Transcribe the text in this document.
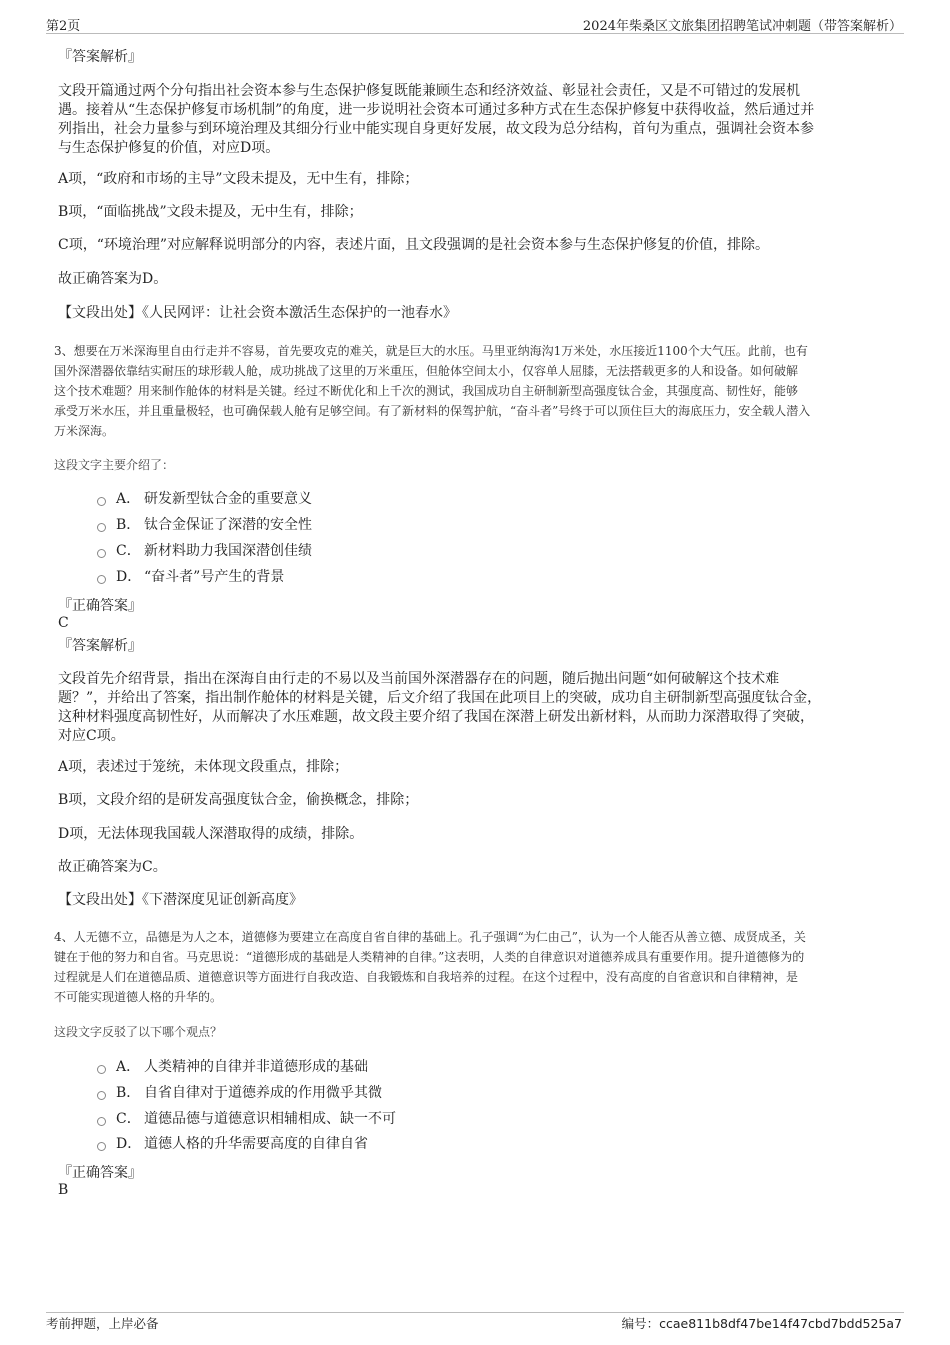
第2页	2024年柴桑区文旅集团招聘笔试冲刺题（带答案解析）
『答案解析』
文段开篇通过两个分句指出社会资本参与生态保护修复既能兼顾生态和经济效益、彰显社会责任，又是不可错过的发展机
遇。接着从“生态保护修复市场机制”的角度，进一步说明社会资本可通过多种方式在生态保护修复中获得收益，然后通过并
列指出，社会力量参与到环境治理及其细分行业中能实现自身更好发展，故文段为总分结构，首句为重点，强调社会资本参
与生态保护修复的价值，对应D项。
A项，“政府和市场的主导”文段未提及，无中生有，排除；
B项，“面临挑战”文段未提及，无中生有，排除；
C项，“环境治理”对应解释说明部分的内容，表述片面，且文段强调的是社会资本参与生态保护修复的价值，排除。
故正确答案为D。
【文段出处】《人民网评：让社会资本激活生态保护的一池春水》
3、想要在万米深海里自由行走并不容易，首先要攻克的难关，就是巨大的水压。马里亚纳海沟1万米处，水压接近1100个大气压。此前，也有
国外深潜器依靠结实耐压的球形载人舱，成功挑战了这里的万米重压，但舱体空间太小，仅容单人屈膝，无法搭载更多的人和设备。如何破解
这个技术难题？用来制作舱体的材料是关键。经过不断优化和上千次的测试，我国成功自主研制新型高强度钛合金，其强度高、韧性好，能够
承受万米水压，并且重量极轻，也可确保载人舱有足够空间。有了新材料的保驾护航，“奋斗者”号终于可以顶住巨大的海底压力，安全载人潜入
万米深海。
这段文字主要介绍了：
A． 研发新型钛合金的重要意义
B． 钛合金保证了深潜的安全性
C． 新材料助力我国深潜创佳绩
D． “奋斗者”号产生的背景
『正确答案』
C
『答案解析』
文段首先介绍背景，指出在深海自由行走的不易以及当前国外深潜器存在的问题，随后抛出问题“如何破解这个技术难
题？”，并给出了答案，指出制作舱体的材料是关键，后文介绍了我国在此项目上的突破，成功自主研制新型高强度钛合金，
这种材料强度高韧性好，从而解决了水压难题，故文段主要介绍了我国在深潜上研发出新材料，从而助力深潜取得了突破，
对应C项。
A项，表述过于笼统，未体现文段重点，排除；
B项，文段介绍的是研发高强度钛合金，偷换概念，排除；
D项，无法体现我国载人深潜取得的成绩，排除。
故正确答案为C。
【文段出处】《下潜深度见证创新高度》
4、人无德不立，品德是为人之本，道德修为要建立在高度自省自律的基础上。孔子强调“为仁由己”，认为一个人能否从善立德、成贤成圣，关
键在于他的努力和自省。马克思说：“道德形成的基础是人类精神的自律。”这表明，人类的自律意识对道德养成具有重要作用。提升道德修为的
过程就是人们在道德品质、道德意识等方面进行自我改造、自我锻炼和自我培养的过程。在这个过程中，没有高度的自省意识和自律精神，是
不可能实现道德人格的升华的。
这段文字反驳了以下哪个观点？
A． 人类精神的自律并非道德形成的基础
B． 自省自律对于道德养成的作用微乎其微
C． 道德品德与道德意识相辅相成、缺一不可
D． 道德人格的升华需要高度的自律自省
『正确答案』
B
考前押题，上岸必备	编号：ccae811b8df47be14f47cbd7bdd525a7
